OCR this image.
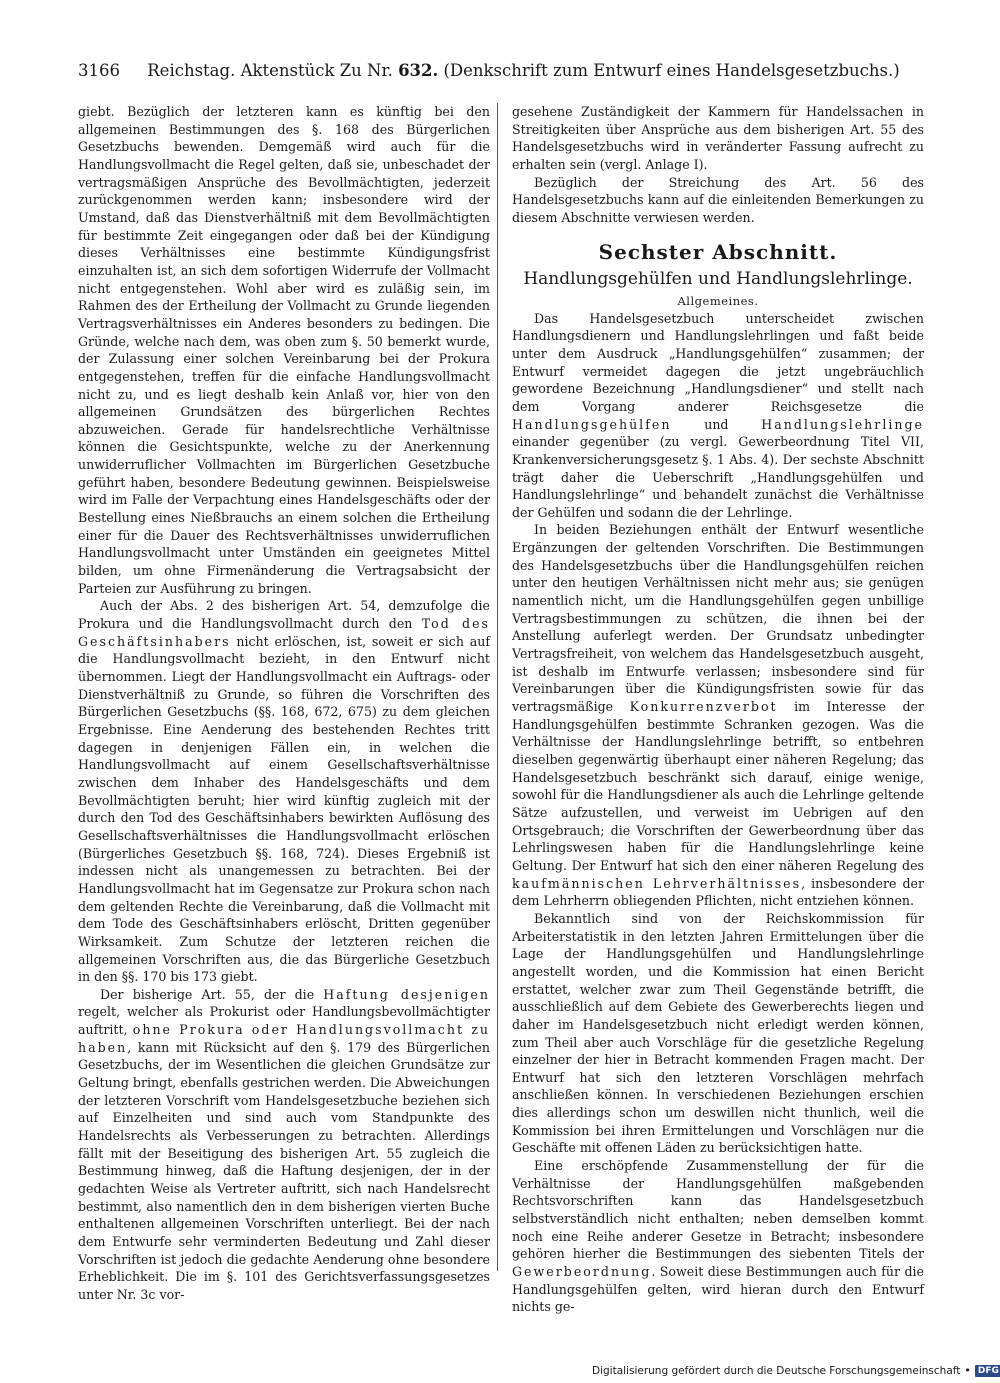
3166 Reichstag. Aktenstück Zu Nr. 632. (Denkschrift zum Entwurf eines Handelsgesetzbuchs.)

giebt. Bezüglich der letzteren kann es künftig bei den allgemeinen Bestimmungen des §. 168 des Bürgerlichen Gesetzbuchs bewenden. Demgemäß wird auch für die Handlungsvollmacht die Regel gelten, daß sie, unbeschadet der vertragsmäßigen Ansprüche des Bevollmächtigten, jederzeit zurückgenommen werden kann; insbesondere wird der Umstand, daß das Dienstverhältniß mit dem Bevollmächtigten für bestimmte Zeit eingegangen oder daß bei der Kündigung dieses Verhältnisses eine bestimmte Kündigungsfrist einzuhalten ist, an sich dem sofortigen Widerrufe der Vollmacht nicht entgegenstehen. Wohl aber wird es zuläßig sein, im Rahmen des der Ertheilung der Vollmacht zu Grunde liegenden Vertragsverhältnisses ein Anderes besonders zu bedingen. Die Gründe, welche nach dem, was oben zum §. 50 bemerkt wurde, der Zulassung einer solchen Vereinbarung bei der Prokura entgegenstehen, treffen für die einfache Handlungsvollmacht nicht zu, und es liegt deshalb kein Anlaß vor, hier von den allgemeinen Grundsätzen des bürgerlichen Rechtes abzuweichen. Gerade für handelsrechtliche Verhältnisse können die Gesichtspunkte, welche zu der Anerkennung unwiderruflicher Vollmachten im Bürgerlichen Gesetzbuche geführt haben, besondere Bedeutung gewinnen. Beispielsweise wird im Falle der Verpachtung eines Handelsgeschäfts oder der Bestellung eines Nießbrauchs an einem solchen die Ertheilung einer für die Dauer des Rechtsverhältnisses unwiderruflichen Handlungsvollmacht unter Umständen ein geeignetes Mittel bilden, um ohne Firmenänderung die Vertragsabsicht der Parteien zur Ausführung zu bringen.

Auch der Abs. 2 des bisherigen Art. 54, demzufolge die Prokura und die Handlungsvollmacht durch den Tod des Geschäftsinhabers nicht erlöschen, ist, soweit er sich auf die Handlungsvollmacht bezieht, in den Entwurf nicht übernommen. Liegt der Handlungsvollmacht ein Auftrags- oder Dienstverhältniß zu Grunde, so führen die Vorschriften des Bürgerlichen Gesetzbuchs (§§. 168, 672, 675) zu dem gleichen Ergebnisse. Eine Aenderung des bestehenden Rechtes tritt dagegen in denjenigen Fällen ein, in welchen die Handlungsvollmacht auf einem Gesellschaftsverhältnisse zwischen dem Inhaber des Handelsgeschäfts und dem Bevollmächtigten beruht; hier wird künftig zugleich mit der durch den Tod des Geschäftsinhabers bewirkten Auflösung des Gesellschaftsverhältnisses die Handlungsvollmacht erlöschen (Bürgerliches Gesetzbuch §§. 168, 724). Dieses Ergebniß ist indessen nicht als unangemessen zu betrachten. Bei der Handlungsvollmacht hat im Gegensatze zur Prokura schon nach dem geltenden Rechte die Vereinbarung, daß die Vollmacht mit dem Tode des Geschäftsinhabers erlöscht, Dritten gegenüber Wirksamkeit. Zum Schutze der letzteren reichen die allgemeinen Vorschriften aus, die das Bürgerliche Gesetzbuch in den §§. 170 bis 173 giebt.

Der bisherige Art. 55, der die Haftung desjenigen regelt, welcher als Prokurist oder Handlungsbevollmächtigter auftritt, ohne Prokura oder Handlungsvollmacht zu haben, kann mit Rücksicht auf den §. 179 des Bürgerlichen Gesetzbuchs, der im Wesentlichen die gleichen Grundsätze zur Geltung bringt, ebenfalls gestrichen werden. Die Abweichungen der letzteren Vorschrift vom Handelsgesetzbuche beziehen sich auf Einzelheiten und sind auch vom Standpunkte des Handelsrechts als Verbesserungen zu betrachten. Allerdings fällt mit der Beseitigung des bisherigen Art. 55 zugleich die Bestimmung hinweg, daß die Haftung desjenigen, der in der gedachten Weise als Vertreter auftritt, sich nach Handelsrecht bestimmt, also namentlich den in dem bisherigen vierten Buche enthaltenen allgemeinen Vorschriften unterliegt. Bei der nach dem Entwurfe sehr verminderten Bedeutung und Zahl dieser Vorschriften ist jedoch die gedachte Aenderung ohne besondere Erheblichkeit. Die im §. 101 des Gerichtsverfassungsgesetzes unter Nr. 3c vor-

gesehene Zuständigkeit der Kammern für Handelssachen in Streitigkeiten über Ansprüche aus dem bisherigen Art. 55 des Handelsgesetzbuchs wird in veränderter Fassung aufrecht zu erhalten sein (vergl. Anlage I).

Bezüglich der Streichung des Art. 56 des Handelsgesetzbuchs kann auf die einleitenden Bemerkungen zu diesem Abschnitte verwiesen werden.

Sechster Abschnitt.
Handlungsgehülfen und Handlungslehrlinge.
Allgemeines.

Das Handelsgesetzbuch unterscheidet zwischen Handlungsdienern und Handlungslehrlingen und faßt beide unter dem Ausdruck „Handlungsgehülfen“ zusammen; der Entwurf vermeidet dagegen die jetzt ungebräuchlich gewordene Bezeichnung „Handlungsdiener“ und stellt nach dem Vorgang anderer Reichsgesetze die Handlungsgehülfen und Handlungslehrlinge einander gegenüber (zu vergl. Gewerbeordnung Titel VII, Krankenversicherungsgesetz §. 1 Abs. 4). Der sechste Abschnitt trägt daher die Ueberschrift „Handlungsgehülfen und Handlungslehrlinge“ und behandelt zunächst die Verhältnisse der Gehülfen und sodann die der Lehrlinge.

In beiden Beziehungen enthält der Entwurf wesentliche Ergänzungen der geltenden Vorschriften. Die Bestimmungen des Handelsgesetzbuchs über die Handlungsgehülfen reichen unter den heutigen Verhältnissen nicht mehr aus; sie genügen namentlich nicht, um die Handlungsgehülfen gegen unbillige Vertragsbestimmungen zu schützen, die ihnen bei der Anstellung auferlegt werden. Der Grundsatz unbedingter Vertragsfreiheit, von welchem das Handelsgesetzbuch ausgeht, ist deshalb im Entwurfe verlassen; insbesondere sind für Vereinbarungen über die Kündigungsfristen sowie für das vertragsmäßige Konkurrenzverbot im Interesse der Handlungsgehülfen bestimmte Schranken gezogen. Was die Verhältnisse der Handlungslehrlinge betrifft, so entbehren dieselben gegenwärtig überhaupt einer näheren Regelung; das Handelsgesetzbuch beschränkt sich darauf, einige wenige, sowohl für die Handlungsdiener als auch die Lehrlinge geltende Sätze aufzustellen, und verweist im Uebrigen auf den Ortsgebrauch; die Vorschriften der Gewerbeordnung über das Lehrlingswesen haben für die Handlungslehrlinge keine Geltung. Der Entwurf hat sich den einer näheren Regelung des kaufmännischen Lehrverhältnisses, insbesondere der dem Lehrherrn obliegenden Pflichten, nicht entziehen können.

Bekanntlich sind von der Reichskommission für Arbeiterstatistik in den letzten Jahren Ermittelungen über die Lage der Handlungsgehülfen und Handlungslehrlinge angestellt worden, und die Kommission hat einen Bericht erstattet, welcher zwar zum Theil Gegenstände betrifft, die ausschließlich auf dem Gebiete des Gewerberechts liegen und daher im Handelsgesetzbuch nicht erledigt werden können, zum Theil aber auch Vorschläge für die gesetzliche Regelung einzelner der hier in Betracht kommenden Fragen macht. Der Entwurf hat sich den letzteren Vorschlägen mehrfach anschließen können. In verschiedenen Beziehungen erschien dies allerdings schon um deswillen nicht thunlich, weil die Kommission bei ihren Ermittelungen und Vorschlägen nur die Geschäfte mit offenen Läden zu berücksichtigen hatte.

Eine erschöpfende Zusammenstellung der für die Verhältnisse der Handlungsgehülfen maßgebenden Rechtsvorschriften kann das Handelsgesetzbuch selbstverständlich nicht enthalten; neben demselben kommt noch eine Reihe anderer Gesetze in Betracht; insbesondere gehören hierher die Bestimmungen des siebenten Titels der Gewerbeordnung. Soweit diese Bestimmungen auch für die Handlungsgehülfen gelten, wird hieran durch den Entwurf nichts ge-

Digitalisierung gefördert durch die Deutsche Forschungsgemeinschaft • DFG
